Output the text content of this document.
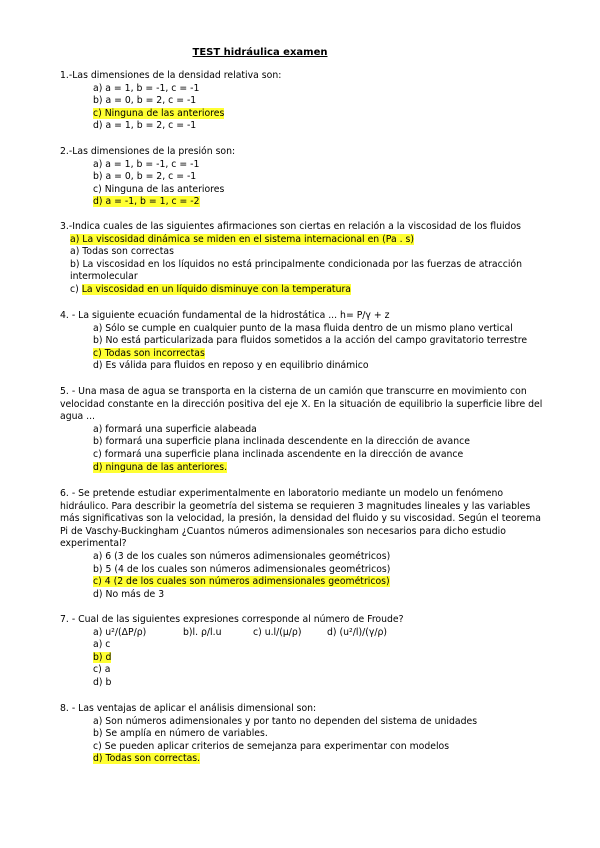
TEST hidráulica examen
1.-Las dimensiones de la densidad relativa son:
a) a = 1, b = -1, c = -1
b) a = 0, b = 2, c = -1
c) Ninguna de las anteriores
d) a = 1, b = 2, c = -1
2.-Las dimensiones de la presión son:
a) a = 1, b = -1, c = -1
b) a = 0, b = 2, c = -1
c) Ninguna de las anteriores
d) a = -1, b = 1, c = -2
3.-Indica cuales de las siguientes afirmaciones son ciertas en relación a la viscosidad de los fluidos
a) La viscosidad dinámica se miden en el sistema internacional en (Pa . s)
a) Todas son correctas
b) La viscosidad en los líquidos no está principalmente condicionada por las fuerzas de atracción intermolecular
c) La viscosidad en un líquido disminuye con la temperatura
4. - La siguiente ecuación fundamental de la hidrostática ... h= P/γ + z
a) Sólo se cumple en cualquier punto de la masa fluida dentro de un mismo plano vertical
b) No está particularizada para fluidos sometidos a la acción del campo gravitatorio terrestre
c) Todas son incorrectas
d) Es válida para fluidos en reposo y en equilibrio dinámico
5. - Una masa de agua se transporta en la cisterna de un camión que transcurre en movimiento con velocidad constante en la dirección positiva del eje X. En la situación de equilibrio la superficie libre del agua ...
a) formará una superficie alabeada
b) formará una superficie plana inclinada descendente en la dirección de avance
c) formará una superficie plana inclinada ascendente en la dirección de avance
d) ninguna de las anteriores.
6. - Se pretende estudiar experimentalmente en laboratorio mediante un modelo un fenómeno hidráulico. Para describir la geometría del sistema se requieren 3 magnitudes lineales y las variables más significativas son la velocidad, la presión, la densidad del fluido y su viscosidad. Según el teorema Pi de Vaschy-Buckingham ¿Cuantos números adimensionales son necesarios para dicho estudio experimental?
a) 6 (3 de los cuales son números adimensionales geométricos)
b) 5 (4 de los cuales son números adimensionales geométricos)
c) 4 (2 de los cuales son números adimensionales geométricos)
d) No más de 3
7. - Cual de las siguientes expresiones corresponde al número de Froude?
a) u²/(ΔP/ρ)	b)l. ρ/l.u	c) u.l/(μ/ρ)	d) (u²/l)/(γ/ρ)
a) c
b) d
c) a
d) b
8. - Las ventajas de aplicar el análisis dimensional son:
a) Son números adimensionales y por tanto no dependen del sistema de unidades
b) Se amplía en número de variables.
c) Se pueden aplicar criterios de semejanza para experimentar con modelos
d) Todas son correctas.
